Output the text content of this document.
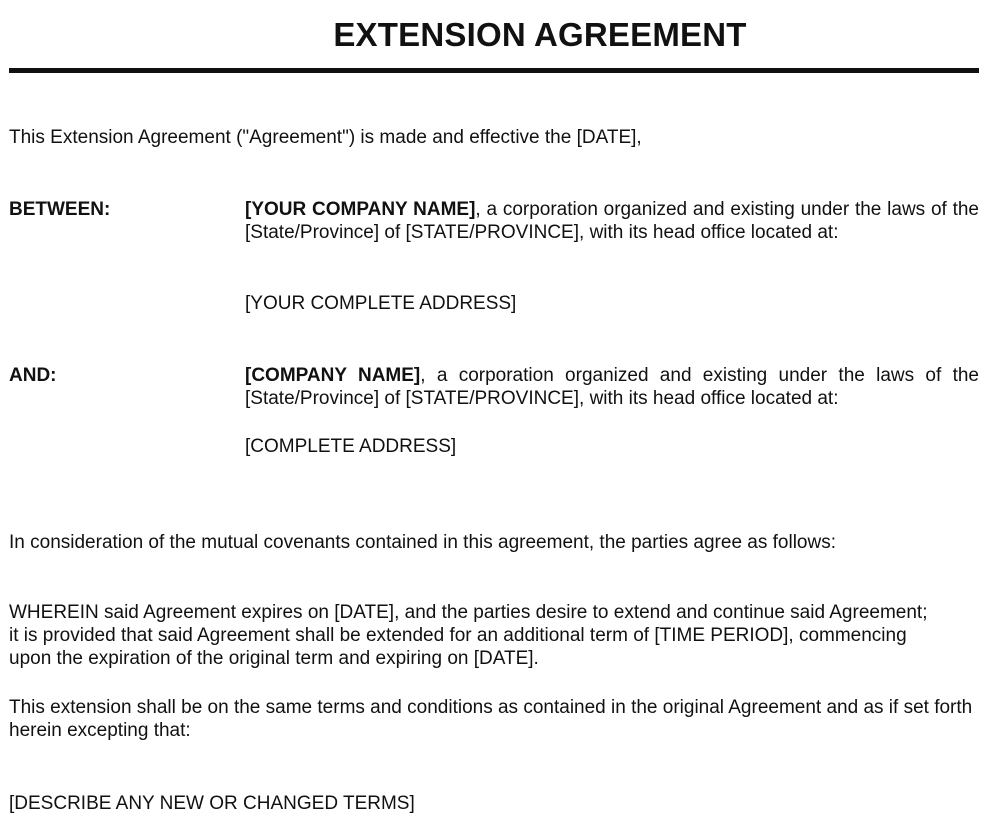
EXTENSION AGREEMENT

This Extension Agreement ("Agreement") is made and effective the [DATE],

BETWEEN:	[YOUR COMPANY NAME], a corporation organized and existing under the laws of the [State/Province] of [STATE/PROVINCE], with its head office located at:
[YOUR COMPLETE ADDRESS]
AND:	[COMPANY NAME], a corporation organized and existing under the laws of the [State/Province] of [STATE/PROVINCE], with its head office located at:
[COMPLETE ADDRESS]

In consideration of the mutual covenants contained in this agreement, the parties agree as follows:

WHEREIN said Agreement expires on [DATE], and the parties desire to extend and continue said Agreement; it is provided that said Agreement shall be extended for an additional term of [TIME PERIOD], commencing upon the expiration of the original term and expiring on [DATE].

This extension shall be on the same terms and conditions as contained in the original Agreement and as if set forth herein excepting that:

[DESCRIBE ANY NEW OR CHANGED TERMS]
